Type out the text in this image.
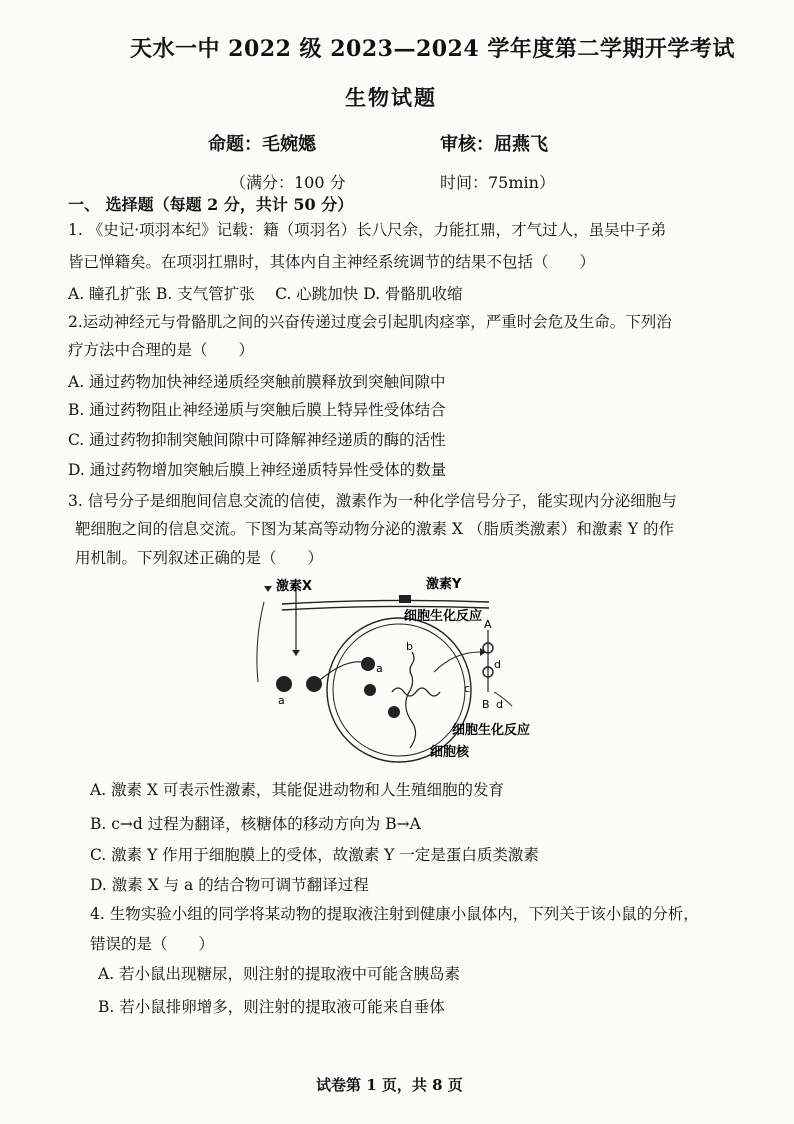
天水一中 2022 级 2023—2024 学年度第二学期开学考试
生物试题
命题：毛婉嫕	审核：屈燕飞
（满分：100 分	时间：75min）
一、 选择题（每题 2 分，共计 50 分）
1. 《史记·项羽本纪》记载：籍（项羽名）长八尺余，力能扛鼎，才气过人，虽吴中子弟
皆已惮籍矣。在项羽扛鼎时，其体内自主神经系统调节的结果不包括（　　）
A. 瞳孔扩张 B. 支气管扩张　 C. 心跳加快 D. 骨骼肌收缩
2.运动神经元与骨骼肌之间的兴奋传递过度会引起肌肉痉挛，严重时会危及生命。下列治
疗方法中合理的是（　　）
A. 通过药物加快神经递质经突触前膜释放到突触间隙中
B. 通过药物阻止神经递质与突触后膜上特异性受体结合
C. 通过药物抑制突触间隙中可降解神经递质的酶的活性
D. 通过药物增加突触后膜上神经递质特异性受体的数量
3. 信号分子是细胞间信息交流的信使，激素作为一种化学信号分子，能实现内分泌细胞与
靶细胞之间的信息交流。下图为某高等动物分泌的激素 X （脂质类激素）和激素 Y 的作
用机制。下列叙述正确的是（　　）
激素X	激素Y
细胞生化反应
a
a
b
c
d
d
A
B
细胞生化反应
细胞核
A. 激素 X 可表示性激素，其能促进动物和人生殖细胞的发育
B. c→d 过程为翻译，核糖体的移动方向为 B→A
C. 激素 Y 作用于细胞膜上的受体，故激素 Y 一定是蛋白质类激素
D. 激素 X 与 a 的结合物可调节翻译过程
4. 生物实验小组的同学将某动物的提取液注射到健康小鼠体内，下列关于该小鼠的分析，
错误的是（　　）
A. 若小鼠出现糖尿，则注射的提取液中可能含胰岛素
B. 若小鼠排卵增多，则注射的提取液可能来自垂体
试卷第 1 页，共 8 页
